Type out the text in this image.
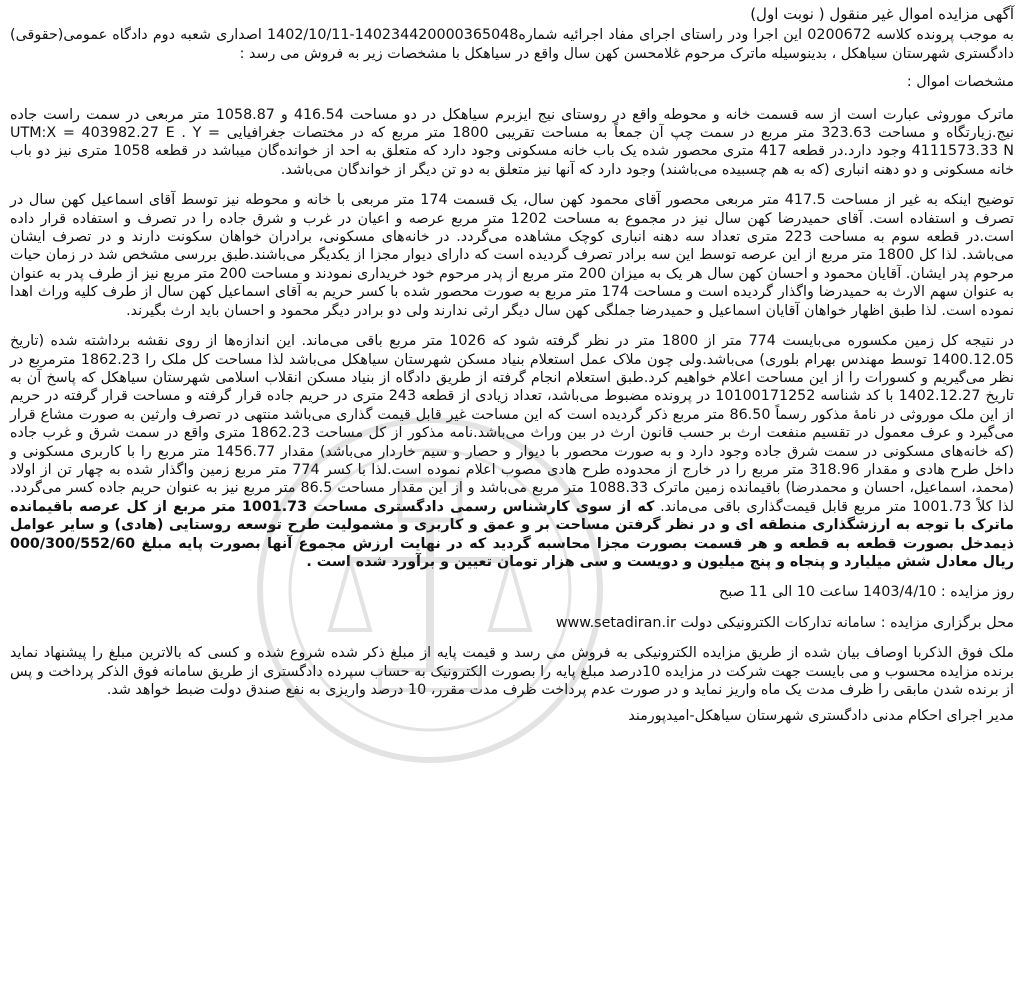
آگهی مزایده اموال غیر منقول ( نوبت اول)

به موجب پرونده کلاسه 0200672 این اجرا ودر راستای اجرای مفاد اجرائیه شماره140234420000365048-1402/10/11 اصداری شعبه دوم دادگاه عمومی(حقوقی) دادگستری شهرستان سیاهکل ، بدینوسیله ماترک مرحوم غلامحسن کهن سال واقع در سیاهکل با مشخصات زیر به فروش می رسد :

مشخصات اموال :

ماترک موروثی عبارت است از سه قسمت خانه و محوطه واقع در روستای نیج ایزبرم سیاهکل در دو مساحت 416.54 و 1058.87 متر مربعی در سمت راست جاده نیج.زیارتگاه و مساحت 323.63 متر مربع در سمت چپ آن جمعاً به مساحت تقریبی 1800 متر مربع که در مختصات جغرافیایی UTM:X = 403982.27 E . Y = 4111573.33 N وجود دارد.در قطعه 417 متری محصور شده یک باب خانه مسکونی وجود دارد که متعلق به احد از خوانده‌گان میباشد در قطعه 1058 متری نیز دو باب خانه مسکونی و دو دهنه انباری (که به هم چسبیده می‌باشند) وجود دارد که آنها نیز متعلق به دو تن دیگر از خواندگان می‌باشد.

توضیح اینکه به غیر از مساحت 417.5 متر مربعی محصور آقای محمود کهن سال، یک قسمت 174 متر مربعی با خانه و محوطه نیز توسط آقای اسماعیل کهن سال در تصرف و استفاده است. آقای حمیدرضا کهن سال نیز در مجموع به مساحت 1202 متر مربع عرصه و اعیان در غرب و شرق جاده را در تصرف و استفاده قرار داده است.در قطعه سوم به مساحت 223 متری تعداد سه دهنه انباری کوچک مشاهده می‌گردد. در خانه‌های مسکونی، برادران خواهان سکونت دارند و در تصرف ایشان می‌باشد. لذا کل 1800 متر مربع از این عرصه توسط این سه برادر تصرف گردیده است که دارای دیوار مجزا از یکدیگر می‌باشند.طبق بررسی مشخص شد در زمان حیات مرحوم پدر ایشان. آقایان محمود و احسان کهن سال هر یک به میزان 200 متر مربع از پدر مرحوم خود خریداری نمودند و مساحت 200 متر مربع نیز از طرف پدر به عنوان به عنوان سهم الارث به حمیدرضا واگذار گردیده است و مساحت 174 متر مربع به صورت محصور شده با کسر حریم به آقای اسماعیل کهن سال از طرف کلیه وراث اهدا نموده است. لذا طبق اظهار خواهان آقایان اسماعیل و حمیدرضا جملگی کهن سال دیگر ارثی ندارند ولی دو برادر دیگر محمود و احسان باید ارث بگیرند.

در نتیجه کل زمین مکسوره می‌بایست 774 متر از 1800 متر در نظر گرفته شود که 1026 متر مربع باقی می‌ماند. این اندازه‌ها از روی نقشه برداشته شده (تاریخ 1400.12.05 توسط مهندس بهرام بلوری) می‌باشد.ولی چون ملاک عمل استعلام بنیاد مسکن شهرستان سیاهکل می‌باشد لذا مساحت کل ملک را 1862.23 مترمربع در نظر می‌گیریم و کسورات را از این مساحت اعلام خواهیم کرد.طبق استعلام انجام گرفته از طریق دادگاه از بنیاد مسکن انقلاب اسلامی شهرستان سیاهکل که پاسخ آن به تاریخ 1402.12.27 با کد شناسه 10100171252 در پرونده مضبوط می‌باشد، تعداد زیادی از قطعه 243 متری در حریم جاده قرار گرفته و مساحت قرار گرفته در حریم از این ملک موروثی در نامهٔ مذکور رسماً 86.50 متر مربع ذکر گردیده است که این مساحت غیر قابل قیمت گذاری می‌باشد منتهی در تصرف وارثین به صورت مشاع قرار می‌گیرد و عرف معمول در تقسیم منفعت ارث بر حسب قانون ارث در بین وراث می‌باشد.نامه مذکور از کل مساحت 1862.23 متری واقع در سمت شرق و غرب جاده (که خانه‌های مسکونی در سمت شرق جاده وجود دارد و به صورت محصور با دیوار و حصار و سیم خاردار می‌باشد) مقدار 1456.77 متر مربع را با کاربری مسکونی و داخل طرح هادی و مقدار 318.96 متر مربع را در خارج از محدوده طرح هادی مصوب اعلام نموده است.لذا با کسر 774 متر مربع زمین واگذار شده به چهار تن از اولاد (محمد، اسماعیل، احسان و محمدرضا) باقیمانده زمین ماترک 1088.33 متر مربع می‌باشد و از این مقدار مساحت 86.5 متر مربع نیز به عنوان حریم جاده کسر می‌گردد. لذا کلاً 1001.73 متر مربع قابل قیمت‌گذاری باقی می‌ماند. که از سوی کارشناس رسمی دادگستری مساحت 1001.73 متر مربع از کل عرصه باقیمانده ماترک با توجه به ارزشگذاری منطقه ای و در نظر گرفتن مساحت بر و عمق و کاربری و مشمولیت طرح توسعه روستایی (هادی) و سایر عوامل ذیمدخل بصورت قطعه به قطعه و هر قسمت بصورت مجزا محاسبه گردید که در نهایت ارزش مجموع آنها بصورت پایه مبلغ 000/300/552/60 ریال معادل شش میلیارد و پنجاه و پنج میلیون و دویست و سی هزار تومان تعیین و برآورد شده است .

روز مزایده : 1403/4/10 ساعت 10 الی 11 صبح

محل برگزاری مزایده : سامانه تدارکات الکترونیکی دولت www.setadiran.ir

ملک فوق الذکربا اوصاف بیان شده از طریق مزایده الکترونیکی به فروش می رسد و قیمت پایه از مبلغ ذکر شده شروع شده و کسی که بالاترین مبلغ را پیشنهاد نماید برنده مزایده محسوب و می بایست جهت شرکت در مزایده 10درصد مبلغ پایه را بصورت الکترونیک به حساب سپرده دادگستری از طریق سامانه فوق الذکر پرداخت و پس از برنده شدن مابقی را ظرف مدت یک ماه واریز نماید و در صورت عدم پرداخت ظرف مدت مقرر، 10 درصد واریزی به نفع صندق دولت ضبط خواهد شد.

مدیر اجرای احکام مدنی دادگستری شهرستان سیاهکل-امیدپورمند
